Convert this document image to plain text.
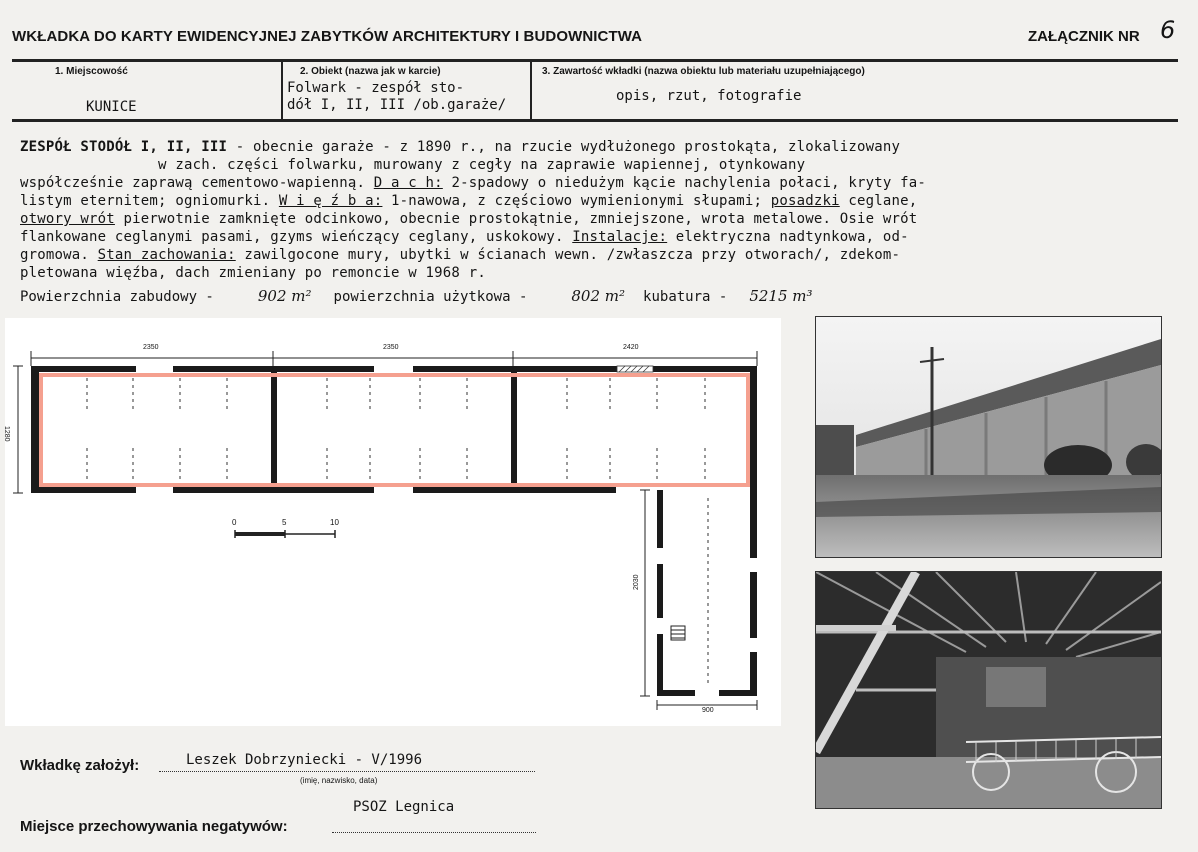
WKŁADKA DO KARTY EWIDENCYJNEJ ZABYTKÓW ARCHITEKTURY I BUDOWNICTWA	ZAŁĄCZNIK NR 6
1. Miejscowość
KUNICE
2. Obiekt (nazwa jak w karcie)
Folwark - zespół sto-
dół I, II, III /ob.garaże/
3. Zawartość wkładki (nazwa obiektu lub materiału uzupełniającego)
opis, rzut, fotografie
ZESPÓŁ STODÓŁ I, II, III - obecnie garaże - z 1890 r., na rzucie wydłużonego prostokąta, zlokalizowany
w zach. części folwarku, murowany z cegły na zaprawie wapiennej, otynkowany
współcześnie zaprawą cementowo-wapienną. D a c h: 2-spadowy o niedużym kącie nachylenia połaci, kryty fa-
listym eternitem; ogniomurki. W i ę ź b a: 1-nawowa, z częściowo wymienionymi słupami; posadzki ceglane,
otwory wrót pierwotnie zamknięte odcinkowo, obecnie prostokątnie, zmniejszone, wrota metalowe. Osie wrót
flankowane ceglanymi pasami, gzyms wieńczący ceglany, uskokowy. Instalacje: elektryczna nadtynkowa, od-
gromowa. Stan zachowania: zawilgocone mury, ubytki w ścianach wewn. /zwłaszcza przy otworach/, zdekom-
pletowana więźba, dach zmieniany po remoncie w 1968 r.
Powierzchnia zabudowy -	902 m² powierzchnia użytkowa -	802 m² kubatura - 5215 m³
2350	2350	2420
1280
2030
900
0	5	10
Wkładkę założył:	Leszek Dobrzyniecki - V/1996
(imię, nazwisko, data)
PSOZ Legnica
Miejsce przechowywania negatywów:
